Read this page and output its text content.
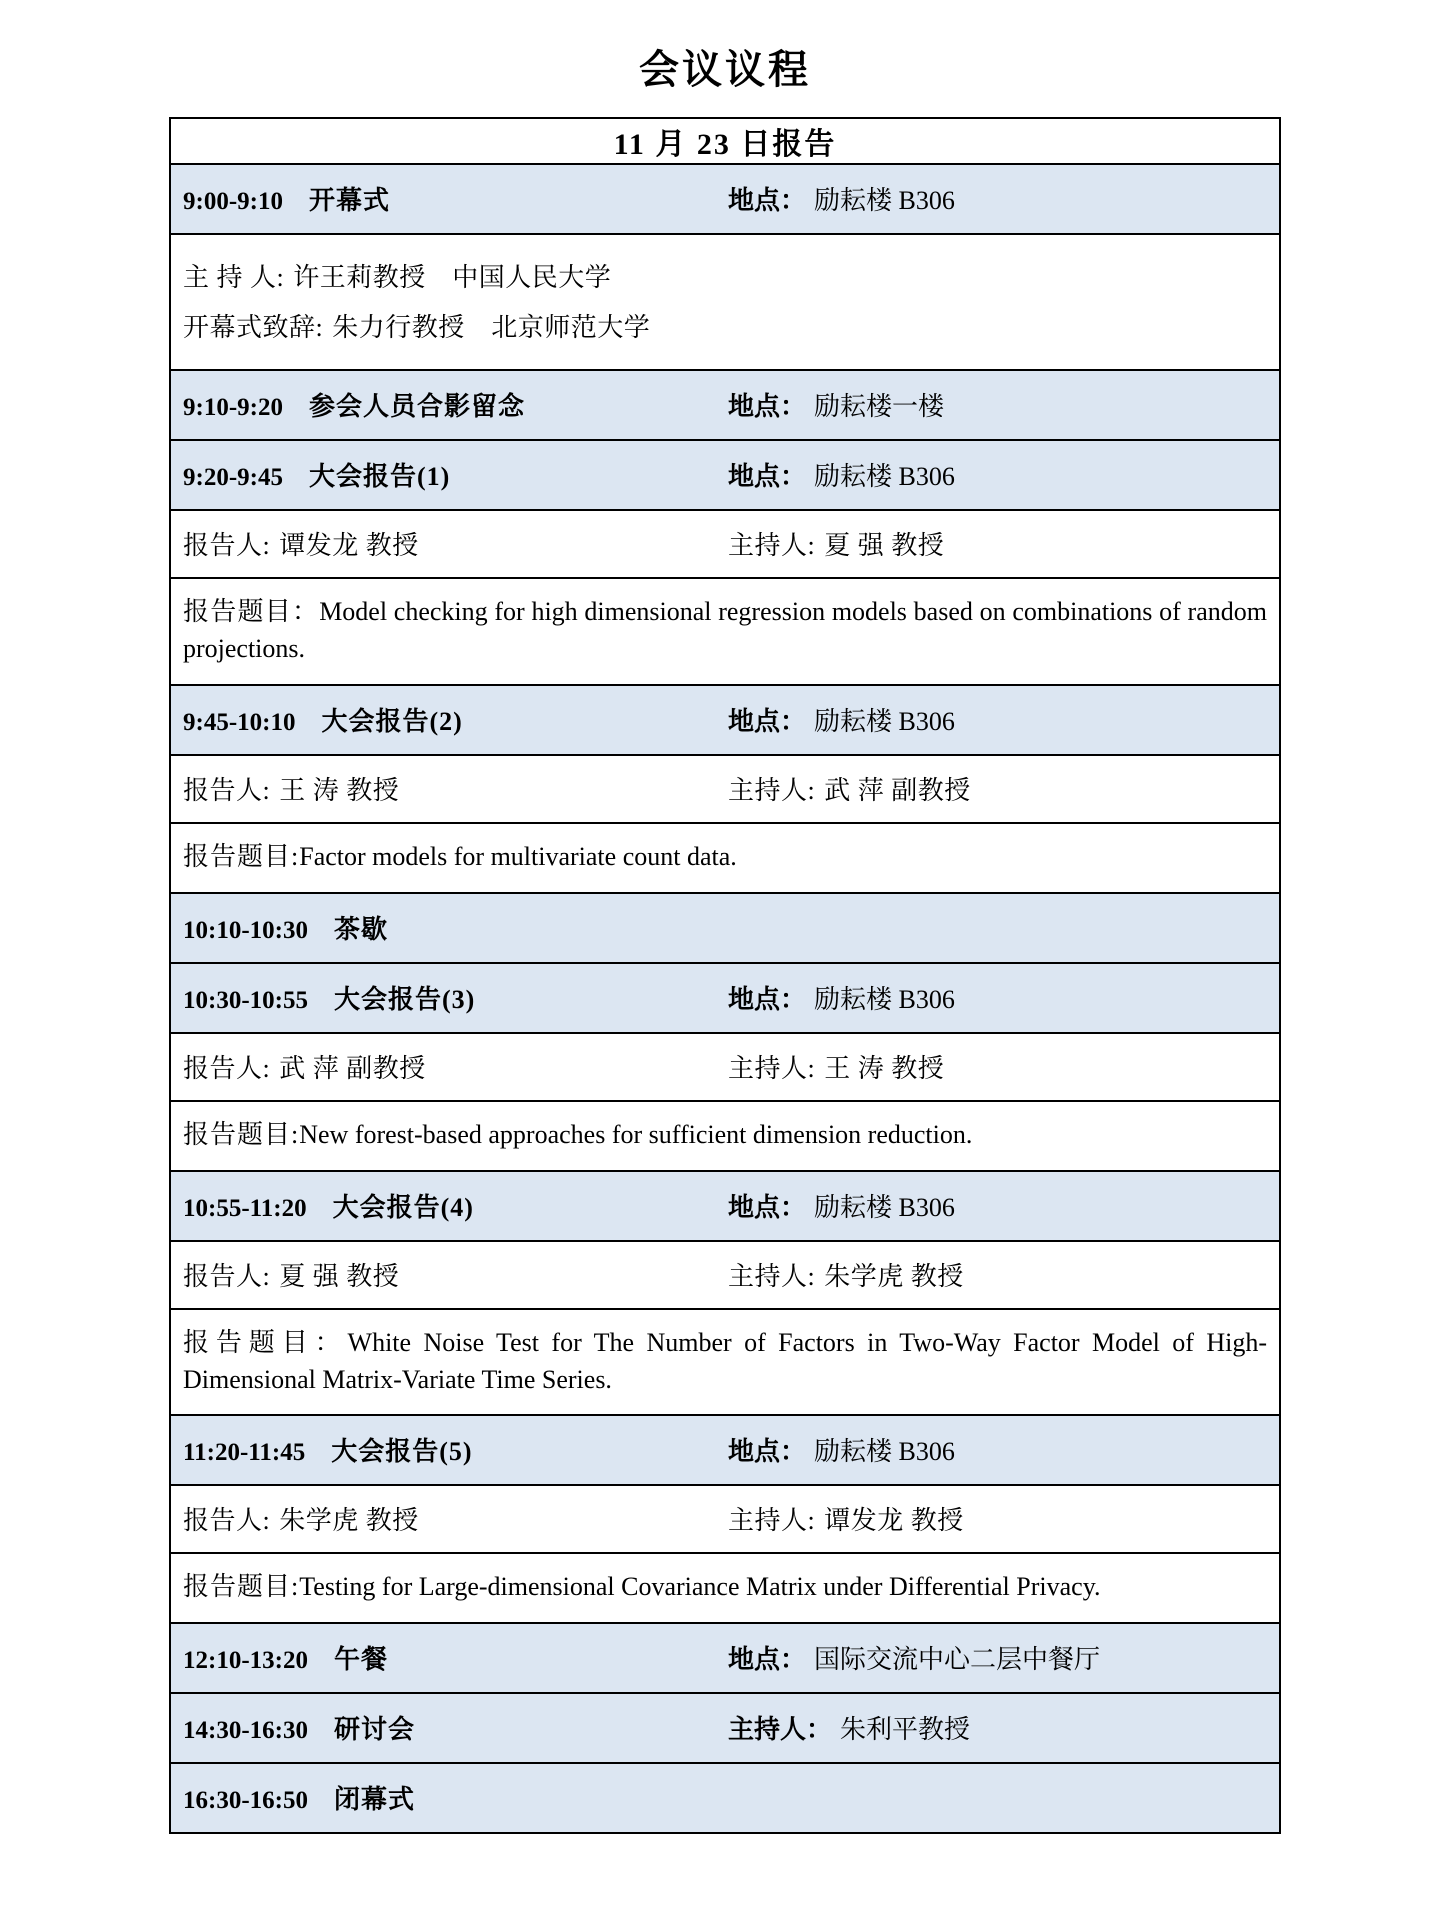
会议议程
11 月 23 日报告

9:00-9:10 开幕式	地点： 励耘楼 B306

主 持 人: 许王莉教授　中国人民大学
开幕式致辞: 朱力行教授　北京师范大学

9:10-9:20 参会人员合影留念	地点： 励耘楼一楼

9:20-9:45 大会报告(1)	地点： 励耘楼 B306

报告人: 谭发龙 教授	主持人: 夏 强 教授

报告题目：Model checking for high dimensional regression models based on combinations of random projections.

9:45-10:10 大会报告(2)	地点： 励耘楼 B306

报告人: 王 涛 教授	主持人: 武 萍 副教授

报告题目:Factor models for multivariate count data.

10:10-10:30 茶歇

10:30-10:55 大会报告(3)	地点： 励耘楼 B306

报告人: 武 萍 副教授	主持人: 王 涛 教授

报告题目:New forest-based approaches for sufficient dimension reduction.

10:55-11:20 大会报告(4)	地点： 励耘楼 B306

报告人: 夏 强 教授	主持人: 朱学虎 教授

报告题目：White Noise Test for The Number of Factors in Two-Way Factor Model of High-Dimensional Matrix-Variate Time Series.

11:20-11:45 大会报告(5)	地点： 励耘楼 B306

报告人: 朱学虎 教授	主持人: 谭发龙 教授

报告题目:Testing for Large-dimensional Covariance Matrix under Differential Privacy.

12:10-13:20 午餐	地点： 国际交流中心二层中餐厅

14:30-16:30 研讨会	主持人： 朱利平教授

16:30-16:50 闭幕式
